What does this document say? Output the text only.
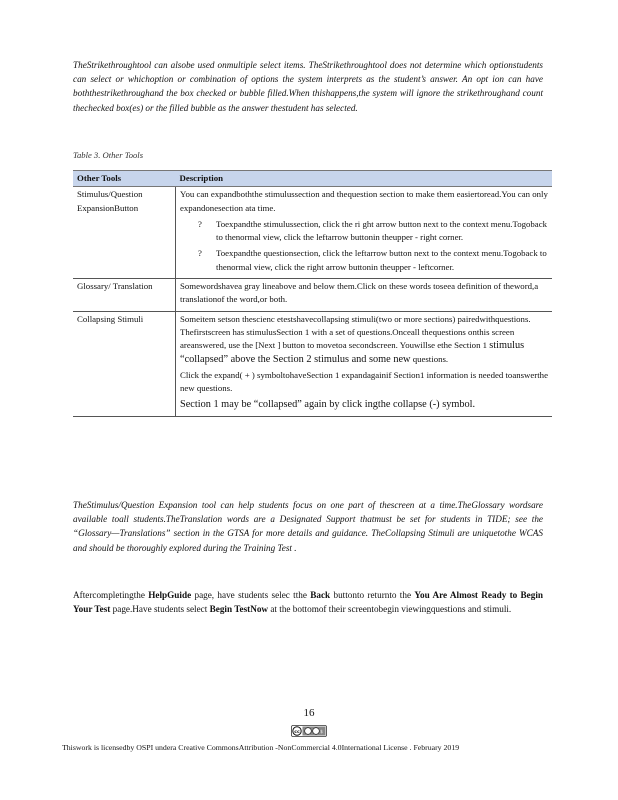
TheStrikethroughtool can alsobe used onmultiple select items. TheStrikethroughtool does not determine which optionstudents can select or whichoption or combination of options the system interprets as the student’s answer. An opt ion can have boththestrikethroughand the box checked or bubble filled.When thishappens,the system will ignore the strikethroughand count thechecked box(es) or the filled bubble as the answer thestudent has selected.

Table 3. Other Tools
Other Tools	Description
Stimulus/Question ExpansionButton	You can expandboththe stimulussection and thequestion section to make them easiertoread.You can only expandonesection ata time.

? Toexpandthe stimulussection, click the ri ght arrow button next to the context menu.Togoback to thenormal view, click the leftarrow buttonin theupper - right corner.
? Toexpandthe questionsection, click the leftarrow button next to the context menu.Togoback to thenormal view, click the right arrow buttonin theupper - leftcorner.

Glossary/ Translation	Somewordshavea gray lineabove and below them.Click on these words toseea definition of theword,a translationof the word,or both.

Collapsing Stimuli	Someitem setson thescienc etestshavecollapsing stimuli(two or more sections) pairedwithquestions. Thefirstscreen has stimulusSection 1 with a set of questions.Onceall thequestions onthis screen areanswered, use the [Next ] button to movetoa secondscreen. Youwillse ethe Section 1 stimulus “collapsed” above the Section 2 stimulus and some new questions.

Click the expand( + ) symboltohaveSection 1 expandagainif Section1 information is needed toanswerthe new questions.

Section 1 may be “collapsed” again by click ingthe collapse (-) symbol.

TheStimulus/Question Expansion tool can help students focus on one part of thescreen at a time.TheGlossary wordsare available toall students.TheTranslation words are a Designated Support thatmust be set for students in TIDE; see the “Glossary—Translations” section in the GTSA for more details and guidance. TheCollapsing Stimuli are uniquetothe WCAS and should be thoroughly explored during the Training Test .

Aftercompletingthe HelpGuide page, have students selec tthe Back buttonto returnto the You Are Almost Ready to Begin Your Test page.Have students select Begin TestNow at the bottomof their screentobegin viewingquestions and stimuli.

16
cc	$
Thiswork is licensedby OSPI undera Creative CommonsAttribution -NonCommercial 4.0International License . February 2019
